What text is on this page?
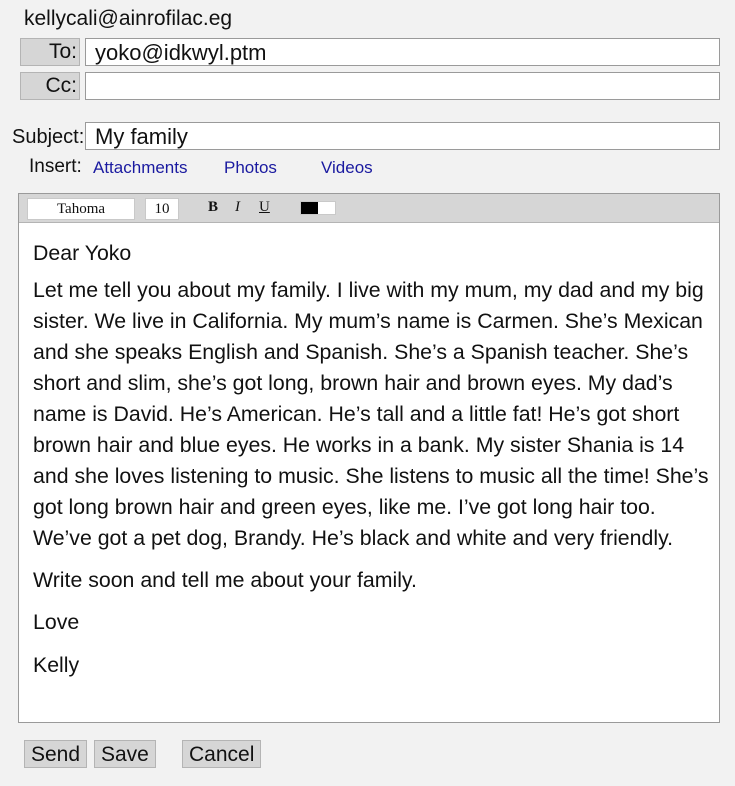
kellycali@ainrofilac.eg
To: yoko@idkwyl.ptm
Cc:
Subject: My family
Insert: Attachments Photos	Videos
Tahoma	10	B I U

Dear Yoko

Let me tell you about my family. I live with my mum, my dad and my big sister. We live in California. My mum’s name is Carmen. She’s Mexican and she speaks English and Spanish. She’s a Spanish teacher. She’s short and slim, she’s got long, brown hair and brown eyes. My dad’s name is David. He’s American. He’s tall and a little fat! He’s got short brown hair and blue eyes. He works in a bank. My sister Shania is 14 and she loves listening to music. She listens to music all the time! She’s got long brown hair and green eyes, like me. I’ve got long hair too. We’ve got a pet dog, Brandy. He’s black and white and very friendly.

Write soon and tell me about your family.

Love

Kelly

Send Save	Cancel
